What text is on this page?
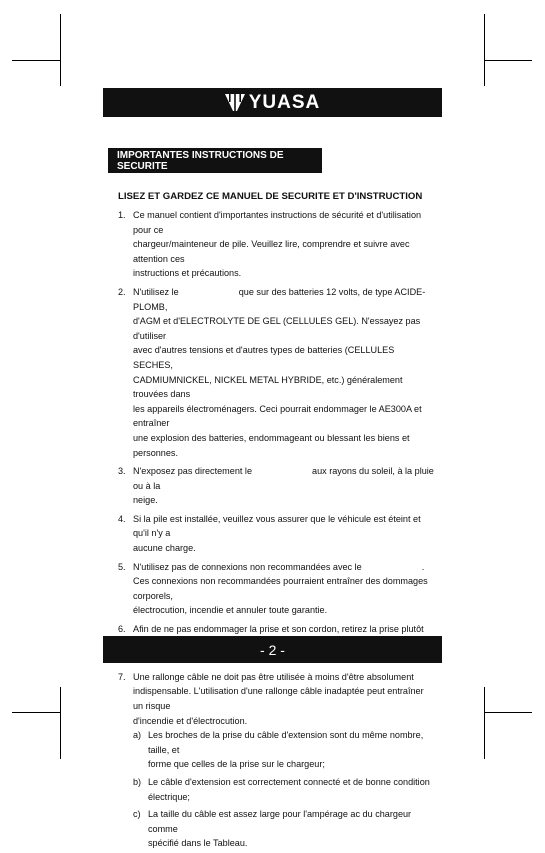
YUASA
IMPORTANTES INSTRUCTIONS DE SECURITE
LISEZ ET GARDEZ CE MANUEL DE SECURITE ET D'INSTRUCTION
1. Ce manuel contient d'importantes instructions de sécurité et d'utilisation pour ce

chargeur/mainteneur de pile. Veuillez lire, comprendre et suivre avec attention ces

instructions et précautions.

2. N'utilisez le	que sur des batteries 12 volts, de type ACIDE-PLOMB,

d'AGM et d'ELECTROLYTE DE GEL (CELLULES GEL). N'essayez pas d'utiliser

avec d'autres tensions et d'autres types de batteries (CELLULES SECHES,

CADMIUMNICKEL, NICKEL METAL HYBRIDE, etc.) généralement trouvées dans

les appareils électroménagers. Ceci pourrait endommager le AE300A et entraîner

une explosion des batteries, endommageant ou blessant les biens et personnes.

3. N'exposez pas directement le	aux rayons du soleil, à la pluie ou à la

neige.

4. Si la pile est installée, veuillez vous assurer que le véhicule est éteint et qu'il n'y a

aucune charge.

5. N'utilisez pas de connexions non recommandées avec le	.

Ces connexions non recommandées pourraient entraîner des dommages corporels,

électrocution, incendie et annuler toute garantie.

6. Afin de ne pas endommager la prise et son cordon, retirez la prise plutôt

7. Une rallonge câble ne doit pas être utilisée à moins d'être absolument

indispensable. L'utilisation d'une rallonge câble inadaptée peut entraîner un risque

d'incendie et d'électrocution.

a) Les broches de la prise du câble d'extension sont du même nombre, taille, et

forme que celles de la prise sur le chargeur;

b) Le câble d'extension est correctement connecté et de bonne condition

électrique;

c) La taille du câble est assez large pour l'ampérage ac du chargeur comme

spécifié dans le Tableau.

- 2 -
